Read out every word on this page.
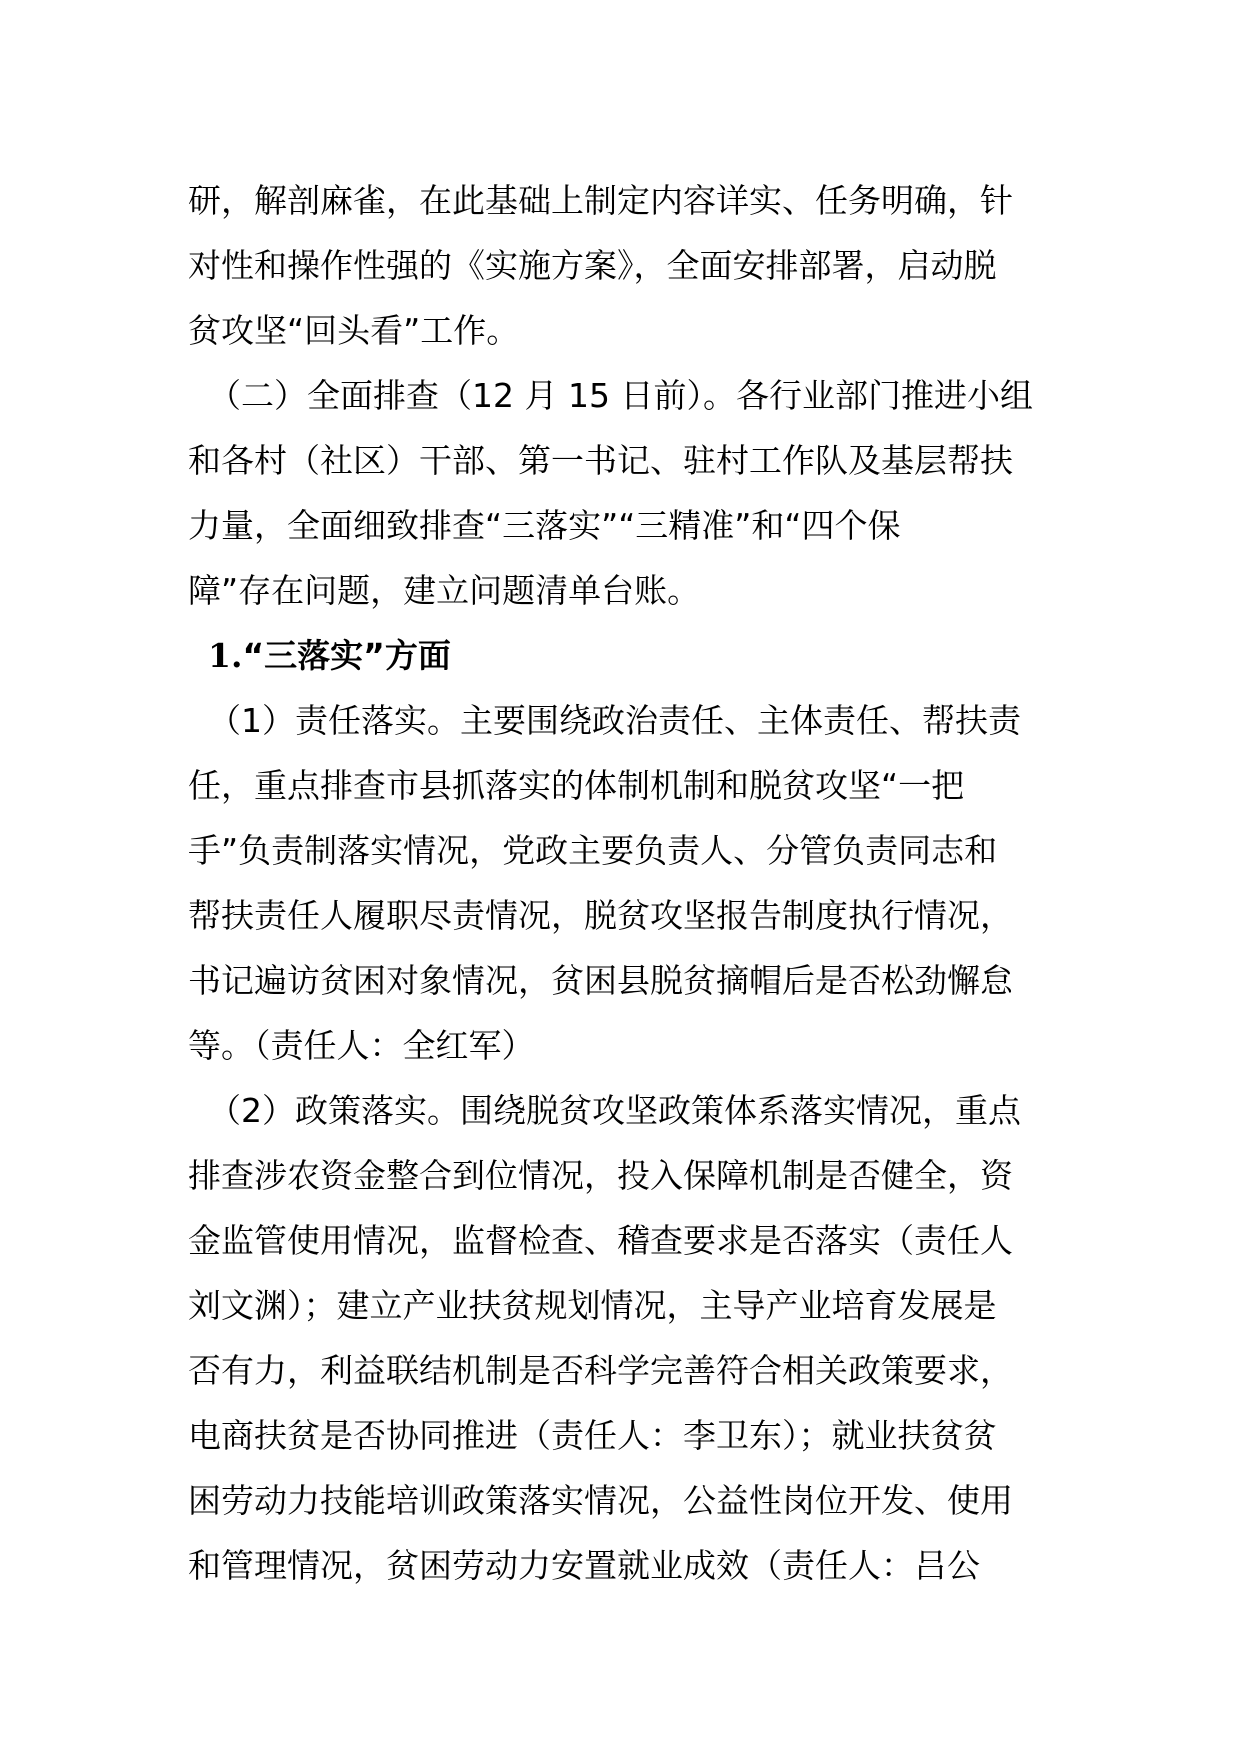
研，解剖麻雀，在此基础上制定内容详实、任务明确，针
对性和操作性强的《实施方案》，全面安排部署，启动脱
贫攻坚“回头看”工作。
（二）全面排查（12 月 15 日前）。各行业部门推进小组
和各村（社区）干部、第一书记、驻村工作队及基层帮扶
力量，全面细致排查“三落实”“三精准”和“四个保
障”存在问题，建立问题清单台账。
1.“三落实”方面
（1）责任落实。主要围绕政治责任、主体责任、帮扶责
任，重点排查市县抓落实的体制机制和脱贫攻坚“一把
手”负责制落实情况，党政主要负责人、分管负责同志和
帮扶责任人履职尽责情况，脱贫攻坚报告制度执行情况，
书记遍访贫困对象情况，贫困县脱贫摘帽后是否松劲懈怠
等。（责任人：全红军）
（2）政策落实。围绕脱贫攻坚政策体系落实情况，重点
排查涉农资金整合到位情况，投入保障机制是否健全，资
金监管使用情况，监督检查、稽查要求是否落实（责任人
刘文渊）；建立产业扶贫规划情况，主导产业培育发展是
否有力，利益联结机制是否科学完善符合相关政策要求，
电商扶贫是否协同推进（责任人：李卫东）；就业扶贫贫
困劳动力技能培训政策落实情况，公益性岗位开发、使用
和管理情况，贫困劳动力安置就业成效（责任人：吕公
